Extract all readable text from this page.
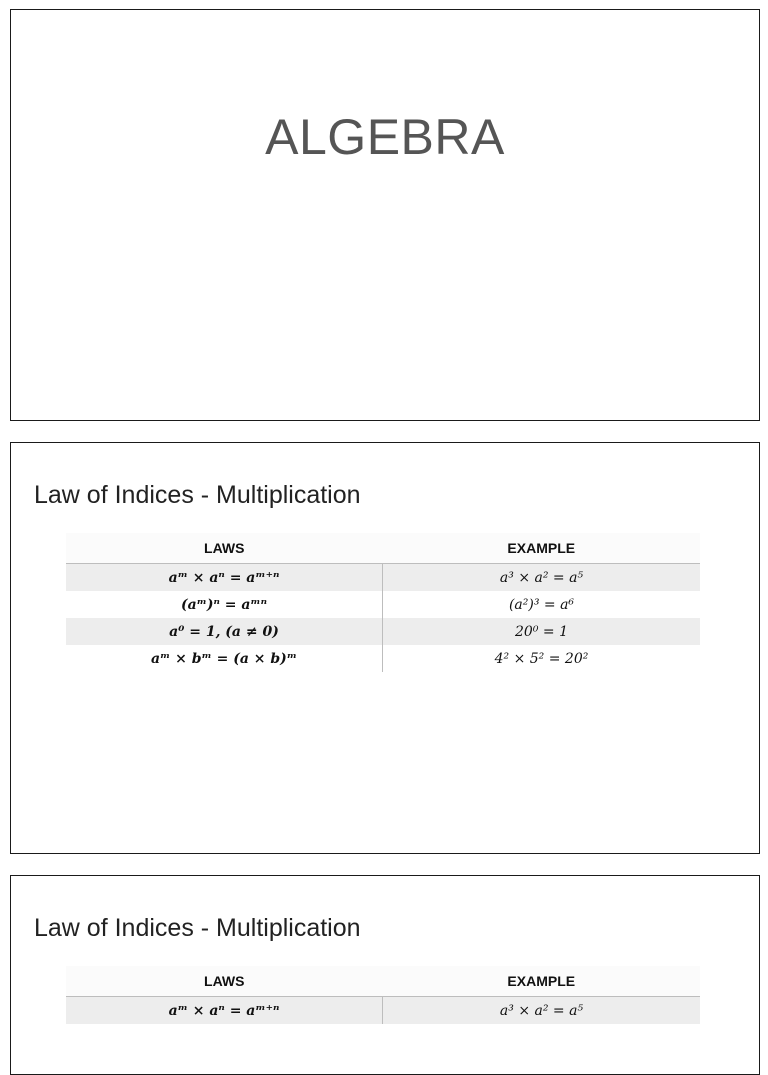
ALGEBRA
Law of Indices - Multiplication
LAWS	EXAMPLE
aᵐ × aⁿ = aᵐ⁺ⁿ	a³ × a² = a⁵
(aᵐ)ⁿ = aᵐⁿ	(a²)³ = a⁶
a⁰ = 1, (a ≠ 0)	20⁰ = 1
aᵐ × bᵐ = (a × b)ᵐ	4² × 5² = 20²
Law of Indices - Multiplication
LAWS	EXAMPLE
aᵐ × aⁿ = aᵐ⁺ⁿ	a³ × a² = a⁵
